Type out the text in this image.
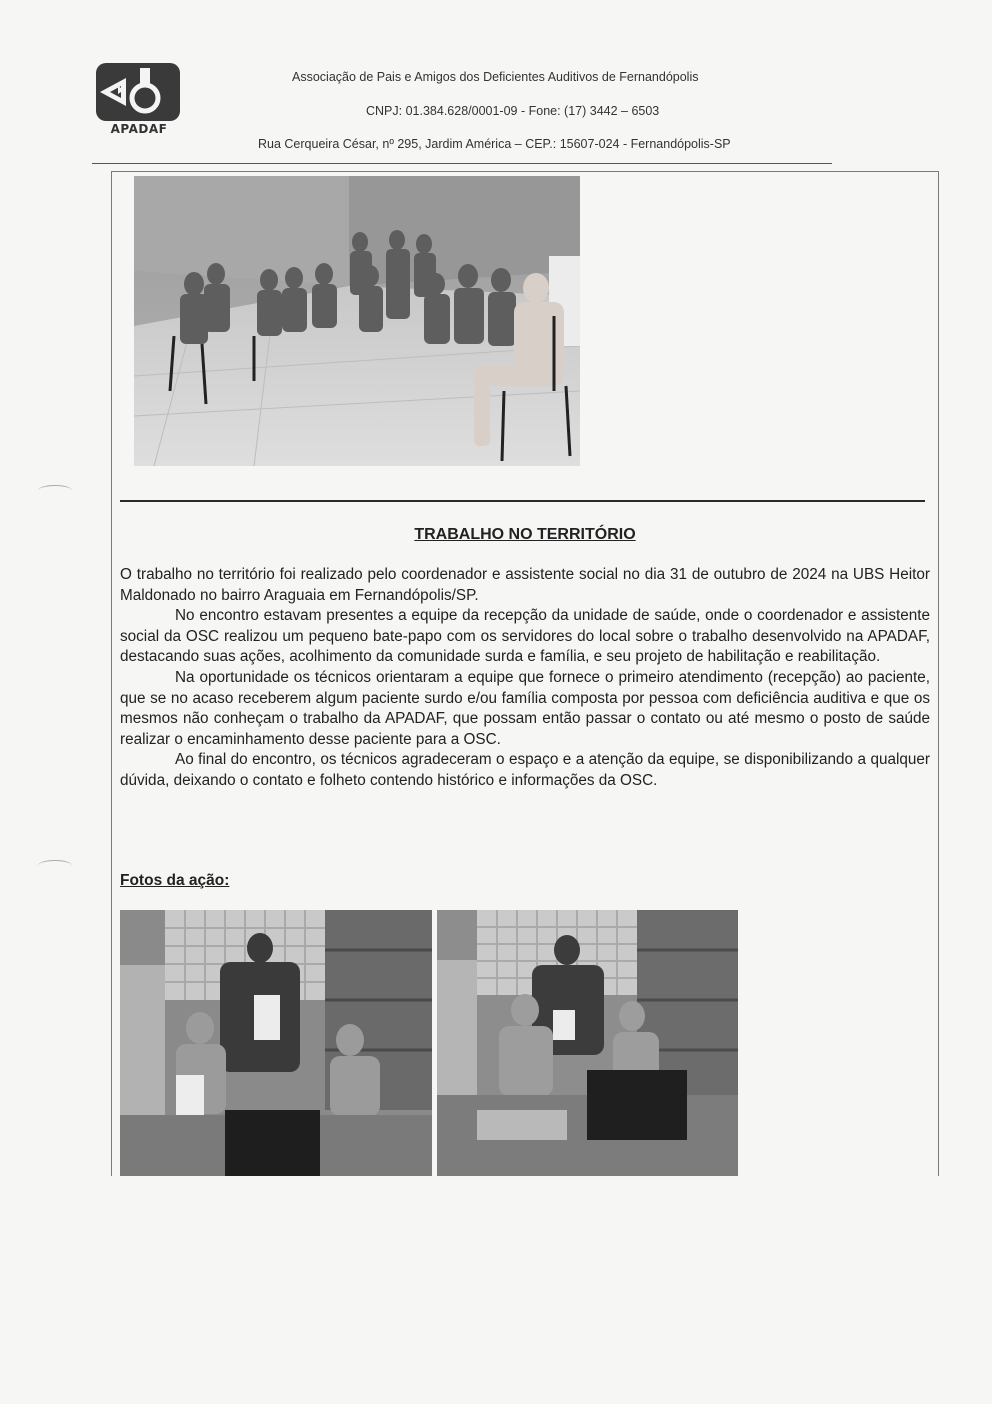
APADAF
Associação de Pais e Amigos dos Deficientes Auditivos de Fernandópolis
CNPJ: 01.384.628/0001-09 - Fone: (17) 3442 – 6503
Rua Cerqueira César, nº 295, Jardim América – CEP.: 15607-024 - Fernandópolis-SP
TRABALHO NO TERRITÓRIO

O trabalho no território foi realizado pelo coordenador e assistente social no dia 31 de outubro de 2024 na UBS Heitor Maldonado no bairro Araguaia em Fernandópolis/SP.

No encontro estavam presentes a equipe da recepção da unidade de saúde, onde o coordenador e assistente social da OSC realizou um pequeno bate-papo com os servidores do local sobre o trabalho desenvolvido na APADAF, destacando suas ações, acolhimento da comunidade surda e família, e seu projeto de habilitação e reabilitação.

Na oportunidade os técnicos orientaram a equipe que fornece o primeiro atendimento (recepção) ao paciente, que se no acaso receberem algum paciente surdo e/ou família composta por pessoa com deficiência auditiva e que os mesmos não conheçam o trabalho da APADAF, que possam então passar o contato ou até mesmo o posto de saúde realizar o encaminhamento desse paciente para a OSC.

Ao final do encontro, os técnicos agradeceram o espaço e a atenção da equipe, se disponibilizando a qualquer dúvida, deixando o contato e folheto contendo histórico e informações da OSC.

Fotos da ação:
